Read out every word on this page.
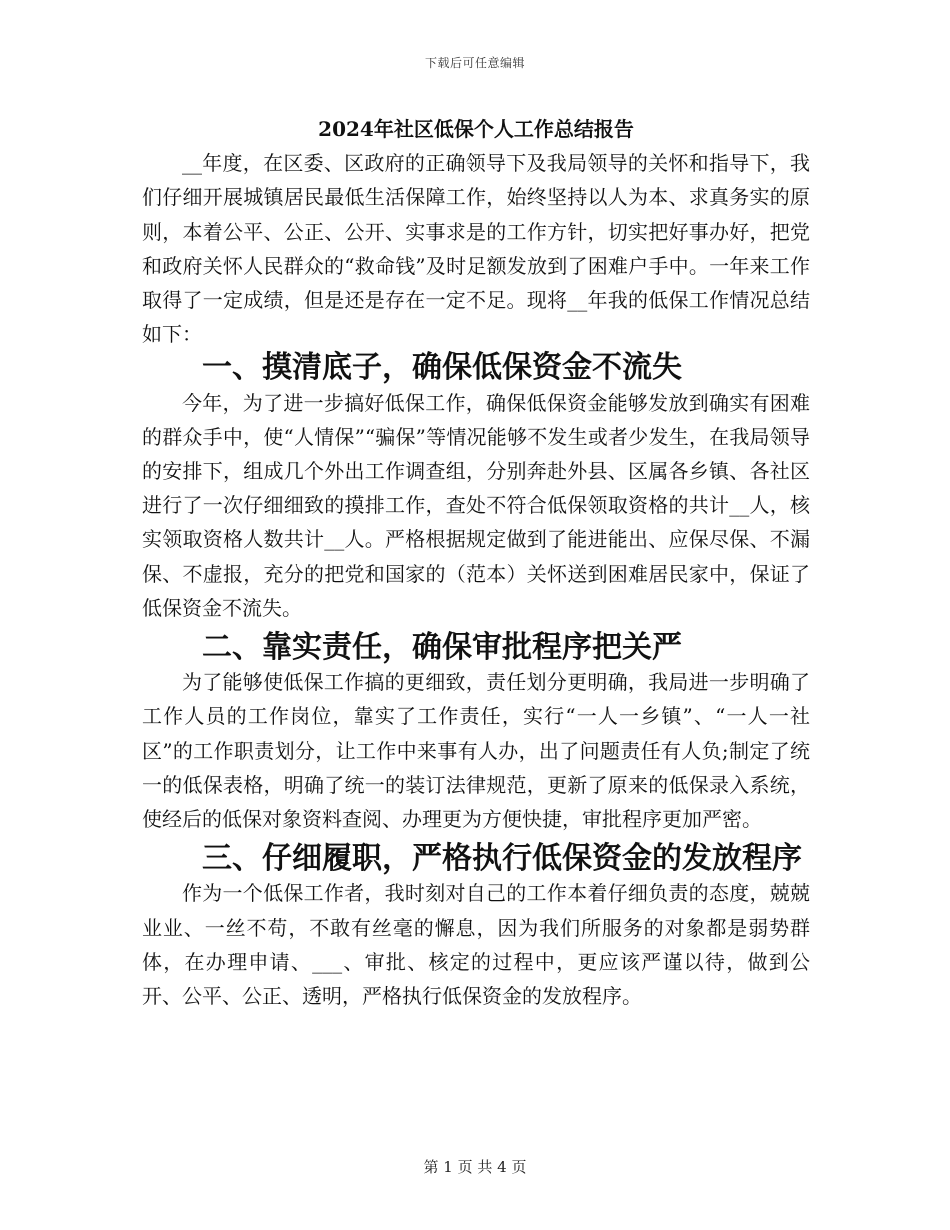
下载后可任意编辑
2024年社区低保个人工作总结报告

__年度，在区委、区政府的正确领导下及我局领导的关怀和指导下，我们仔细开展城镇居民最低生活保障工作，始终坚持以人为本、求真务实的原则，本着公平、公正、公开、实事求是的工作方针，切实把好事办好，把党和政府关怀人民群众的“救命钱”及时足额发放到了困难户手中。一年来工作取得了一定成绩，但是还是存在一定不足。现将__年我的低保工作情况总结如下：

一、摸清底子，确保低保资金不流失

今年，为了进一步搞好低保工作，确保低保资金能够发放到确实有困难的群众手中，使“人情保”“骗保”等情况能够不发生或者少发生，在我局领导的安排下，组成几个外出工作调查组，分别奔赴外县、区属各乡镇、各社区进行了一次仔细细致的摸排工作，查处不符合低保领取资格的共计__人，核实领取资格人数共计__人。严格根据规定做到了能进能出、应保尽保、不漏保、不虚报，充分的把党和国家的（范本）关怀送到困难居民家中，保证了低保资金不流失。

二、靠实责任，确保审批程序把关严

为了能够使低保工作搞的更细致，责任划分更明确，我局进一步明确了工作人员的工作岗位，靠实了工作责任，实行“一人一乡镇”、“一人一社区”的工作职责划分，让工作中来事有人办，出了问题责任有人负;制定了统一的低保表格，明确了统一的装订法律规范，更新了原来的低保录入系统，使经后的低保对象资料查阅、办理更为方便快捷，审批程序更加严密。

三、仔细履职，严格执行低保资金的发放程序

作为一个低保工作者，我时刻对自己的工作本着仔细负责的态度，兢兢业业、一丝不苟，不敢有丝毫的懈息，因为我们所服务的对象都是弱势群体，在办理申请、___、审批、核定的过程中，更应该严谨以待，做到公开、公平、公正、透明，严格执行低保资金的发放程序。

第 1 页 共 4 页
